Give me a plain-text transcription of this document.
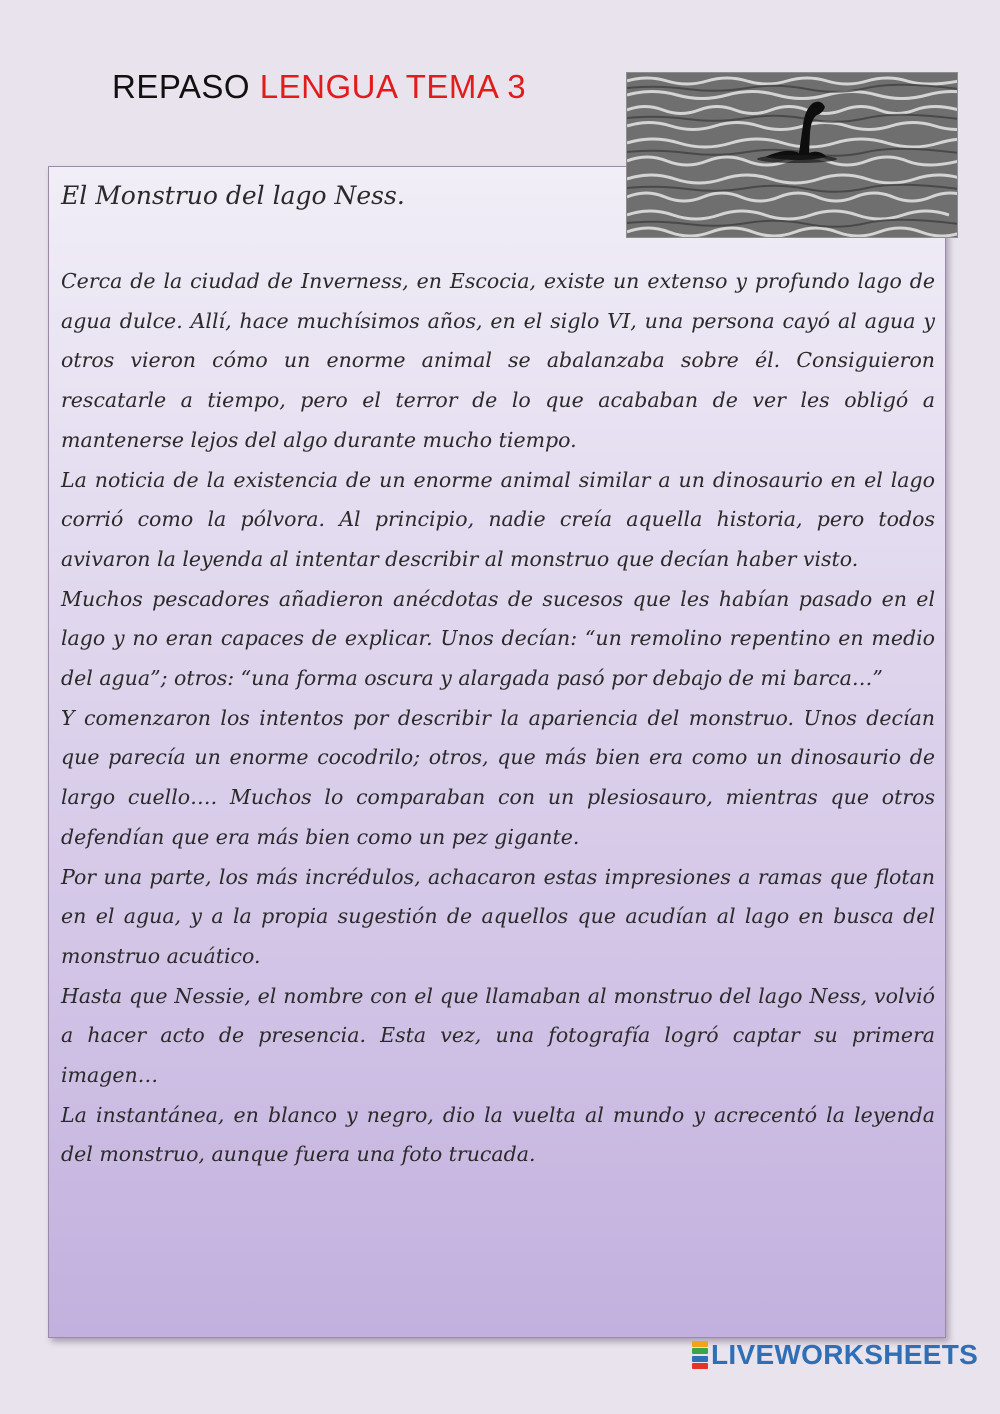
REPASO LENGUA TEMA 3
El Monstruo del lago Ness.

Cerca de la ciudad de Inverness, en Escocia, existe un extenso y profundo lago de agua dulce. Allí, hace muchísimos años, en el siglo VI, una persona cayó al agua y otros vieron cómo un enorme animal se abalanzaba sobre él. Consiguieron rescatarle a tiempo, pero el terror de lo que acababan de ver les obligó a mantenerse lejos del algo durante mucho tiempo.

La noticia de la existencia de un enorme animal similar a un dinosaurio en el lago corrió como la pólvora. Al principio, nadie creía aquella historia, pero todos avivaron la leyenda al intentar describir al monstruo que decían haber visto.

Muchos pescadores añadieron anécdotas de sucesos que les habían pasado en el lago y no eran capaces de explicar. Unos decían: “un remolino repentino en medio del agua”; otros: “una forma oscura y alargada pasó por debajo de mi barca…”

Y comenzaron los intentos por describir la apariencia del monstruo. Unos decían que parecía un enorme cocodrilo; otros, que más bien era como un dinosaurio de largo cuello…. Muchos lo comparaban con un plesiosauro, mientras que otros defendían que era más bien como un pez gigante.

Por una parte, los más incrédulos, achacaron estas impresiones a ramas que flotan en el agua, y a la propia sugestión de aquellos que acudían al lago en busca del monstruo acuático.

Hasta que Nessie, el nombre con el que llamaban al monstruo del lago Ness, volvió a hacer acto de presencia. Esta vez, una fotografía logró captar su primera imagen…

La instantánea, en blanco y negro, dio la vuelta al mundo y acrecentó la leyenda del monstruo, aunque fuera una foto trucada.

LIVEWORKSHEETS
